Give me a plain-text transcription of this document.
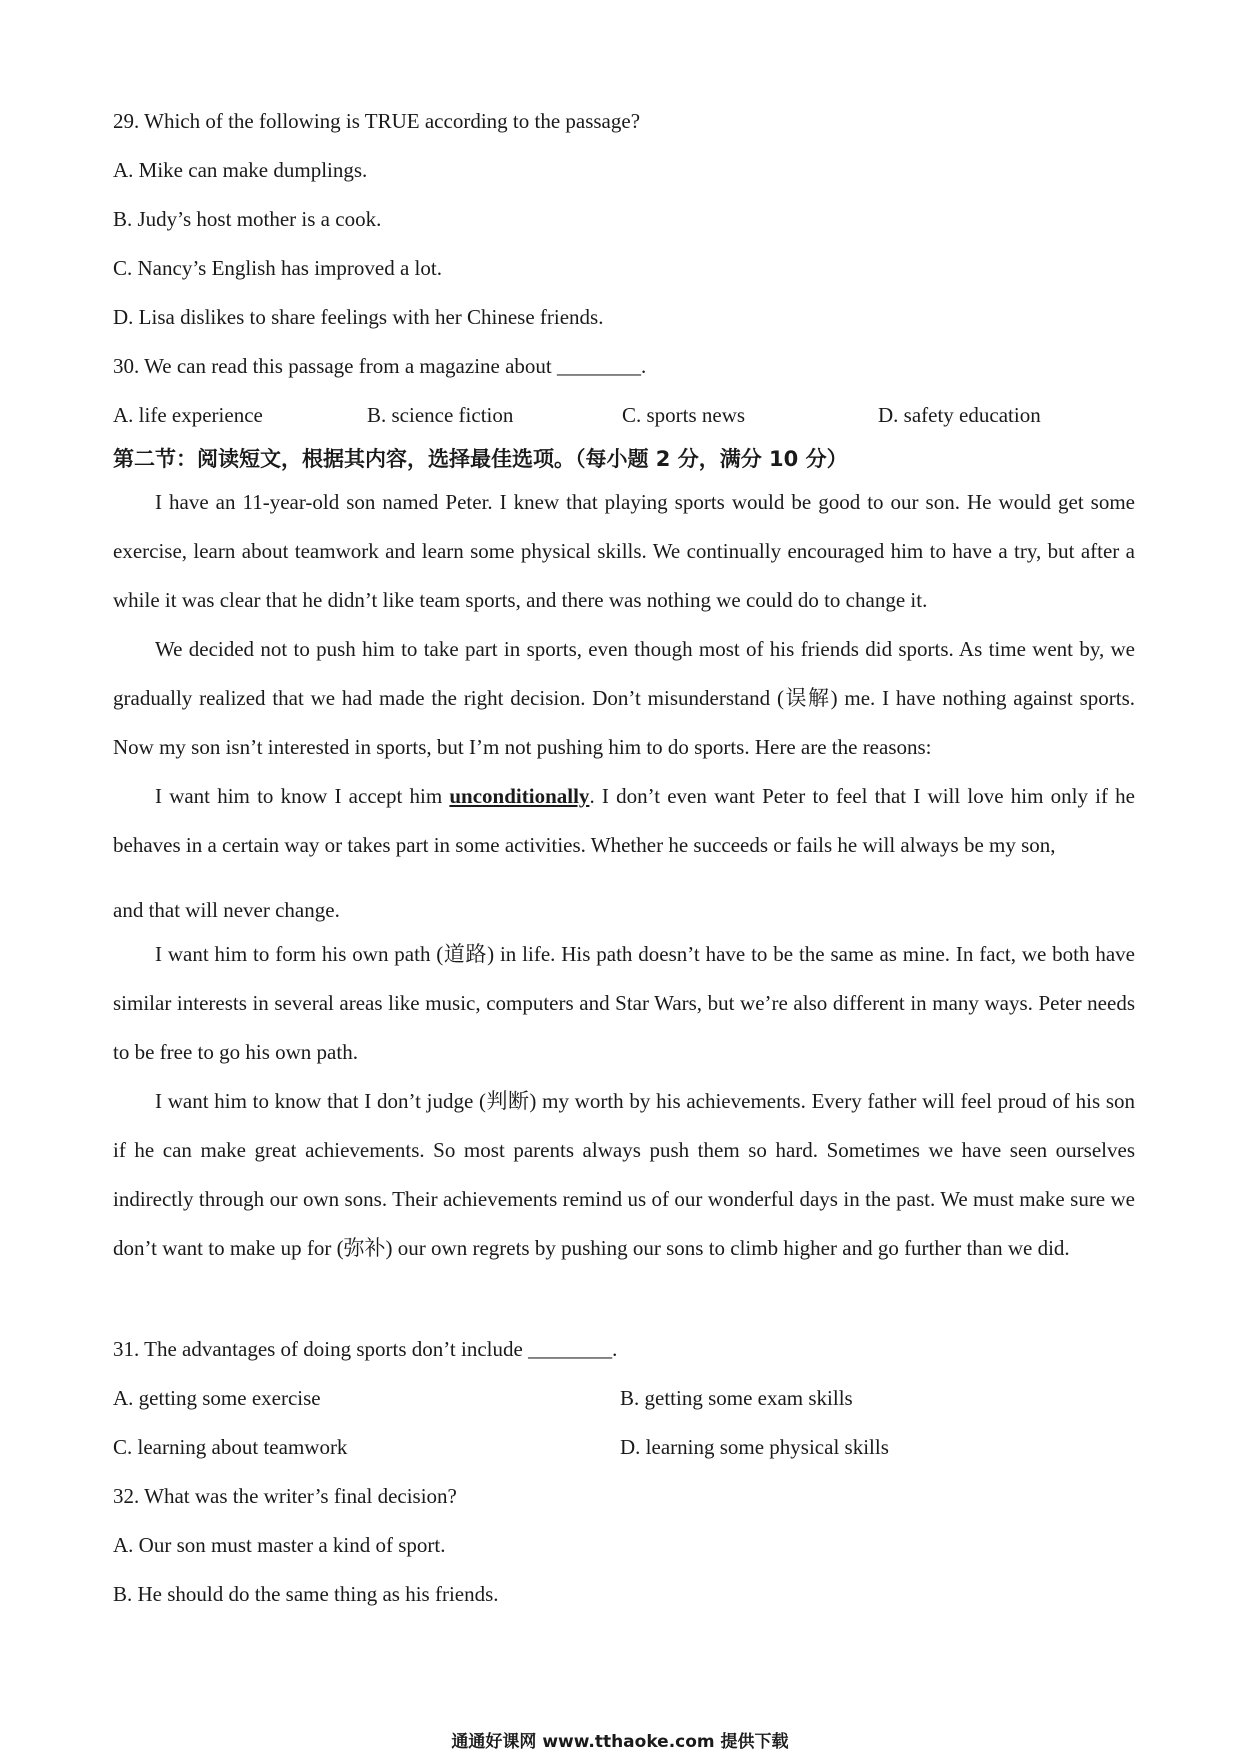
29. Which of the following is TRUE according to the passage?
A. Mike can make dumplings.
B. Judy’s host mother is a cook.
C. Nancy’s English has improved a lot.
D. Lisa dislikes to share feelings with her Chinese friends.
30. We can read this passage from a magazine about ________.
A. life experience	B. science fiction	C. sports news	D. safety education
第二节：阅读短文，根据其内容，选择最佳选项。（每小题 2 分，满分 10 分）

I have an 11-year-old son named Peter. I knew that playing sports would be good to our son. He would get some exercise, learn about teamwork and learn some physical skills. We continually encouraged him to have a try, but after a while it was clear that he didn’t like team sports, and there was nothing we could do to change it.

We decided not to push him to take part in sports, even though most of his friends did sports. As time went by, we gradually realized that we had made the right decision. Don’t misunderstand (误解) me. I have nothing against sports. Now my son isn’t interested in sports, but I’m not pushing him to do sports. Here are the reasons:

I want him to know I accept him unconditionally. I don’t even want Peter to feel that I will love him only if he behaves in a certain way or takes part in some activities. Whether he succeeds or fails he will always be my son,

and that will never change.

I want him to form his own path (道路) in life. His path doesn’t have to be the same as mine. In fact, we both have similar interests in several areas like music, computers and Star Wars, but we’re also different in many ways. Peter needs to be free to go his own path.

I want him to know that I don’t judge (判断) my worth by his achievements. Every father will feel proud of his son if he can make great achievements. So most parents always push them so hard. Sometimes we have seen ourselves indirectly through our own sons. Their achievements remind us of our wonderful days in the past. We must make sure we don’t want to make up for (弥补) our own regrets by pushing our sons to climb higher and go further than we did.

31. The advantages of doing sports don’t include ________.
A. getting some exercise	B. getting some exam skills
C. learning about teamwork	D. learning some physical skills
32. What was the writer’s final decision?
A. Our son must master a kind of sport.
B. He should do the same thing as his friends.
通通好课网 www.tthaoke.com 提供下载
